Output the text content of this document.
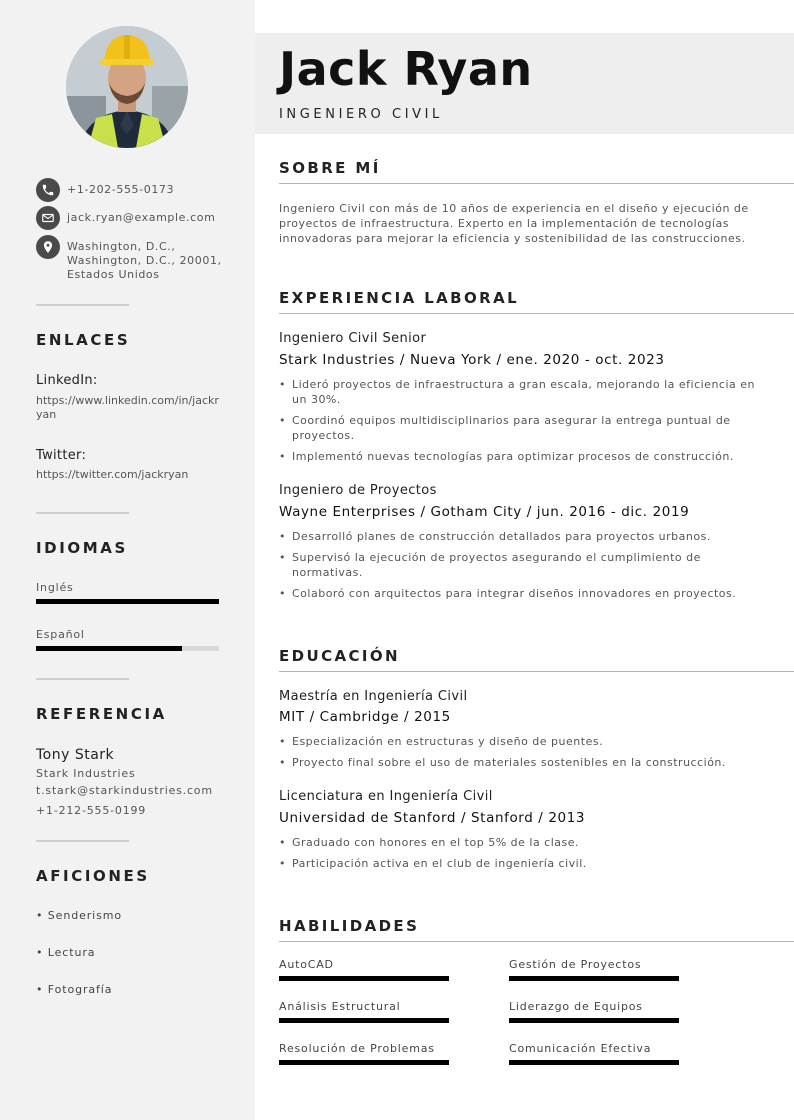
+1-202-555-0173
jack.ryan@example.com
Washington, D.C.,
Washington, D.C., 20001,
Estados Unidos
ENLACES
LinkedIn:
https://www.linkedin.com/in/jackryan
Twitter:
https://twitter.com/jackryan
IDIOMAS
Inglés
Español
REFERENCIA
Tony Stark
Stark Industries
t.stark@starkindustries.com
+1-212-555-0199
AFICIONES
• Senderismo
• Lectura
• Fotografía
Jack Ryan
INGENIERO CIVIL
SOBRE MÍ
Ingeniero Civil con más de 10 años de experiencia en el diseño y ejecución de proyectos de infraestructura. Experto en la implementación de tecnologías innovadoras para mejorar la eficiencia y sostenibilidad de las construcciones.
EXPERIENCIA LABORAL
Ingeniero Civil Senior
Stark Industries / Nueva York / ene. 2020 - oct. 2023
• Lideró proyectos de infraestructura a gran escala, mejorando la eficiencia en un 30%.
• Coordinó equipos multidisciplinarios para asegurar la entrega puntual de proyectos.
• Implementó nuevas tecnologías para optimizar procesos de construcción.
Ingeniero de Proyectos
Wayne Enterprises / Gotham City / jun. 2016 - dic. 2019
• Desarrolló planes de construcción detallados para proyectos urbanos.
• Supervisó la ejecución de proyectos asegurando el cumplimiento de normativas.
• Colaboró con arquitectos para integrar diseños innovadores en proyectos.
EDUCACIÓN
Maestría en Ingeniería Civil
MIT / Cambridge / 2015
• Especialización en estructuras y diseño de puentes.
• Proyecto final sobre el uso de materiales sostenibles en la construcción.
Licenciatura en Ingeniería Civil
Universidad de Stanford / Stanford / 2013
• Graduado con honores en el top 5% de la clase.
• Participación activa en el club de ingeniería civil.
HABILIDADES
AutoCAD	Gestión de Proyectos
Análisis Estructural	Liderazgo de Equipos
Resolución de Problemas	Comunicación Efectiva
